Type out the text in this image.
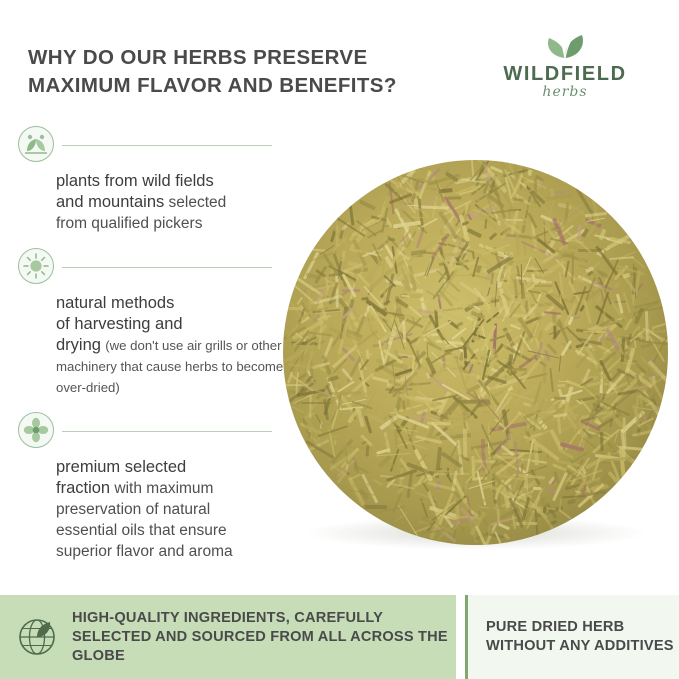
WHY DO OUR HERBS PRESERVE MAXIMUM FLAVOR AND BENEFITS?	WILDFIELD
herbs

plants from wild fields
and mountains selected
from qualified pickers

natural methods
of harvesting and
drying (we don't use air grills or other machinery that cause herbs to become over-dried)

premium selected
fraction with maximum
preservation of natural
essential oils that ensure
superior flavor and aroma
HIGH-QUALITY INGREDIENTS, CAREFULLY SELECTED AND SOURCED FROM ALL ACROSS THE GLOBE
PURE DRIED HERB WITHOUT ANY ADDITIVES
